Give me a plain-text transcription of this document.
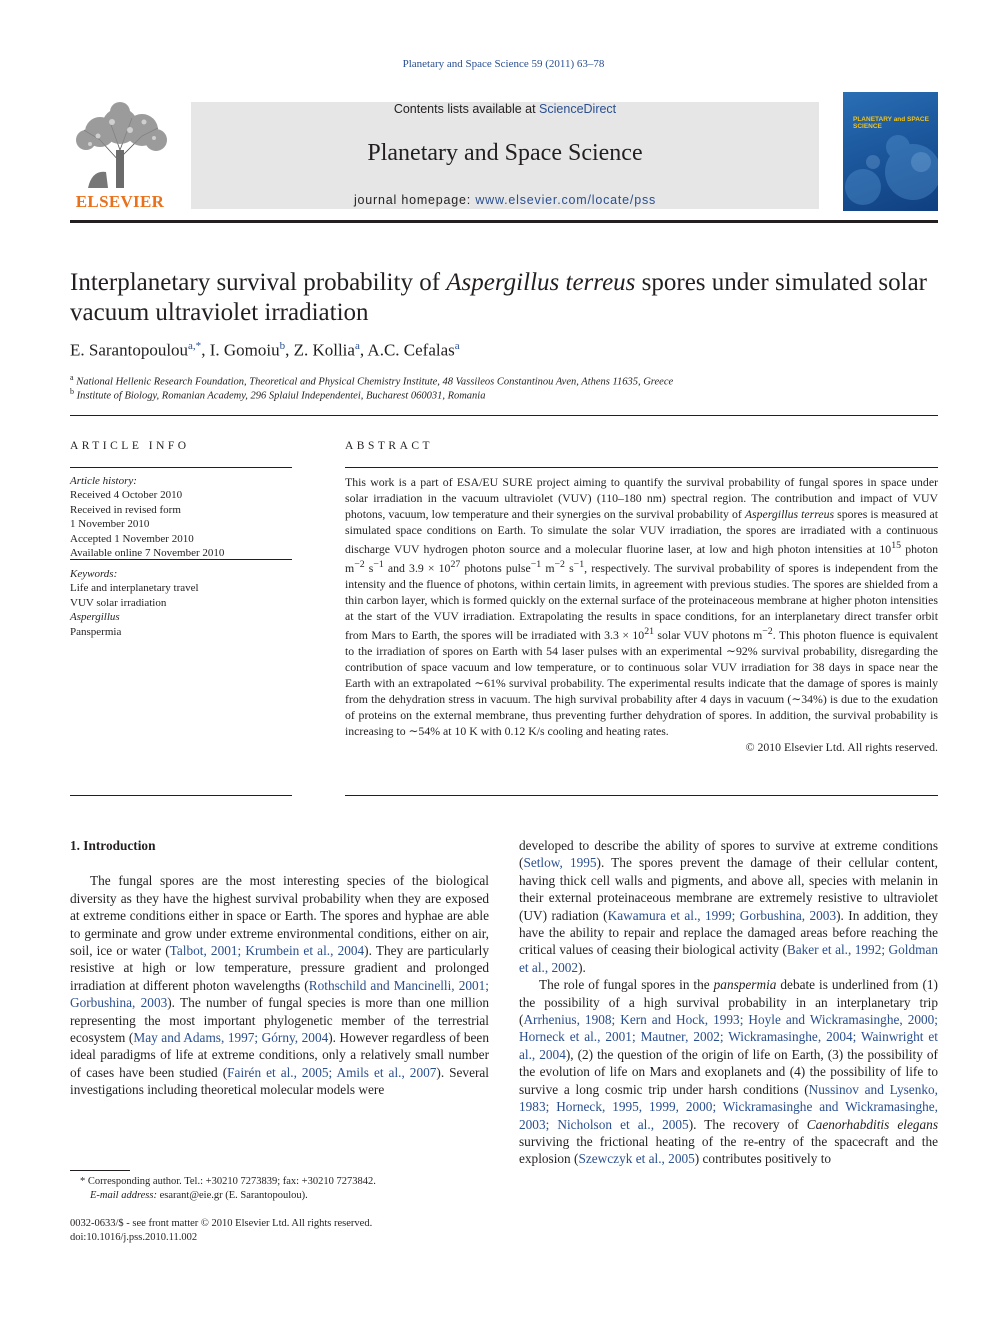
Planetary and Space Science 59 (2011) 63–78
ELSEVIER
Contents lists available at ScienceDirect
Planetary and Space Science
journal homepage: www.elsevier.com/locate/pss
PLANETARY and SPACE SCIENCE
Interplanetary survival probability of Aspergillus terreus spores under simulated solar vacuum ultraviolet irradiation
E. Sarantopoulou$^{a,*}$, I. Gomoiu$^b$, Z. Kollia$^a$, A.C. Cefalas$^a$
$^a$ National Hellenic Research Foundation, Theoretical and Physical Chemistry Institute, 48 Vassileos Constantinou Aven, Athens 11635, Greece
$^b$ Institute of Biology, Romanian Academy, 296 Splaiul Independentei, Bucharest 060031, Romania
ARTICLE INFO
Article history:
Received 4 October 2010
Received in revised form
1 November 2010
Accepted 1 November 2010
Available online 7 November 2010
Keywords:
Life and interplanetary travel
VUV solar irradiation
Aspergillus
Panspermia
ABSTRACT

This work is a part of ESA/EU SURE project aiming to quantify the survival probability of fungal spores in space under solar irradiation in the vacuum ultraviolet (VUV) (110–180 nm) spectral region. The contribution and impact of VUV photons, vacuum, low temperature and their synergies on the survival probability of Aspergillus terreus spores is measured at simulated space conditions on Earth. To simulate the solar VUV irradiation, the spores are irradiated with a continuous discharge VUV hydrogen photon source and a molecular fluorine laser, at low and high photon intensities at $10^{15}$ photon $m^{-2}$ $s^{-1}$ and $3.9 \times 10^{27}$ photons pulse$^{-1}$ $m^{-2}$ $s^{-1}$, respectively. The survival probability of spores is independent from the intensity and the fluence of photons, within certain limits, in agreement with previous studies. The spores are shielded from a thin carbon layer, which is formed quickly on the external surface of the proteinaceous membrane at higher photon intensities at the start of the VUV irradiation. Extrapolating the results in space conditions, for an interplanetary direct transfer orbit from Mars to Earth, the spores will be irradiated with $3.3 \times 10^{21}$ solar VUV photons $m^{-2}$. This photon fluence is equivalent to the irradiation of spores on Earth with 54 laser pulses with an experimental ∼92% survival probability, disregarding the contribution of space vacuum and low temperature, or to continuous solar VUV irradiation for 38 days in space near the Earth with an extrapolated ∼61% survival probability. The experimental results indicate that the damage of spores is mainly from the dehydration stress in vacuum. The high survival probability after 4 days in vacuum (∼34%) is due to the exudation of proteins on the external membrane, thus preventing further dehydration of spores. In addition, the survival probability is increasing to ∼54% at 10 K with 0.12 K/s cooling and heating rates.

© 2010 Elsevier Ltd. All rights reserved.

1. Introduction

The fungal spores are the most interesting species of the biological diversity as they have the highest survival probability when they are exposed at extreme conditions either in space or Earth. The spores and hyphae are able to germinate and grow under extreme environmental conditions, either on air, soil, ice or water (Talbot, 2001; Krumbein et al., 2004). They are particularly resistive at high or low temperature, pressure gradient and prolonged irradiation at different photon wavelengths (Rothschild and Mancinelli, 2001; Gorbushina, 2003). The number of fungal species is more than one million representing the most important phylogenetic member of the terrestrial ecosystem (May and Adams, 1997; Górny, 2004). However regardless of been ideal paradigms of life at extreme conditions, only a relatively small number of cases have been studied (Fairén et al., 2005; Amils et al., 2007). Several investigations including theoretical molecular models were

developed to describe the ability of spores to survive at extreme conditions (Setlow, 1995). The spores prevent the damage of their cellular content, having thick cell walls and pigments, and above all, species with melanin in their external proteinaceous membrane are extremely resistive to ultraviolet (UV) radiation (Kawamura et al., 1999; Gorbushina, 2003). In addition, they have the ability to repair and replace the damaged areas before reaching the critical values of ceasing their biological activity (Baker et al., 1992; Goldman et al., 2002).

The role of fungal spores in the panspermia debate is underlined from (1) the possibility of a high survival probability in an interplanetary trip (Arrhenius, 1908; Kern and Hock, 1993; Hoyle and Wickramasinghe, 2000; Horneck et al., 2001; Mautner, 2002; Wickramasinghe, 2004; Wainwright et al., 2004), (2) the question of the origin of life on Earth, (3) the possibility of the evolution of life on Mars and exoplanets and (4) the possibility of life to survive a long cosmic trip under harsh conditions (Nussinov and Lysenko, 1983; Horneck, 1995, 1999, 2000; Wickramasinghe and Wickramasinghe, 2003; Nicholson et al., 2005). The recovery of Caenorhabditis elegans surviving the frictional heating of the re-entry of the spacecraft and the explosion (Szewczyk et al., 2005) contributes positively to

* Corresponding author. Tel.: +30210 7273839; fax: +30210 7273842.
E-mail address: esarant@eie.gr (E. Sarantopoulou).
0032-0633/$ - see front matter © 2010 Elsevier Ltd. All rights reserved.
doi:10.1016/j.pss.2010.11.002
